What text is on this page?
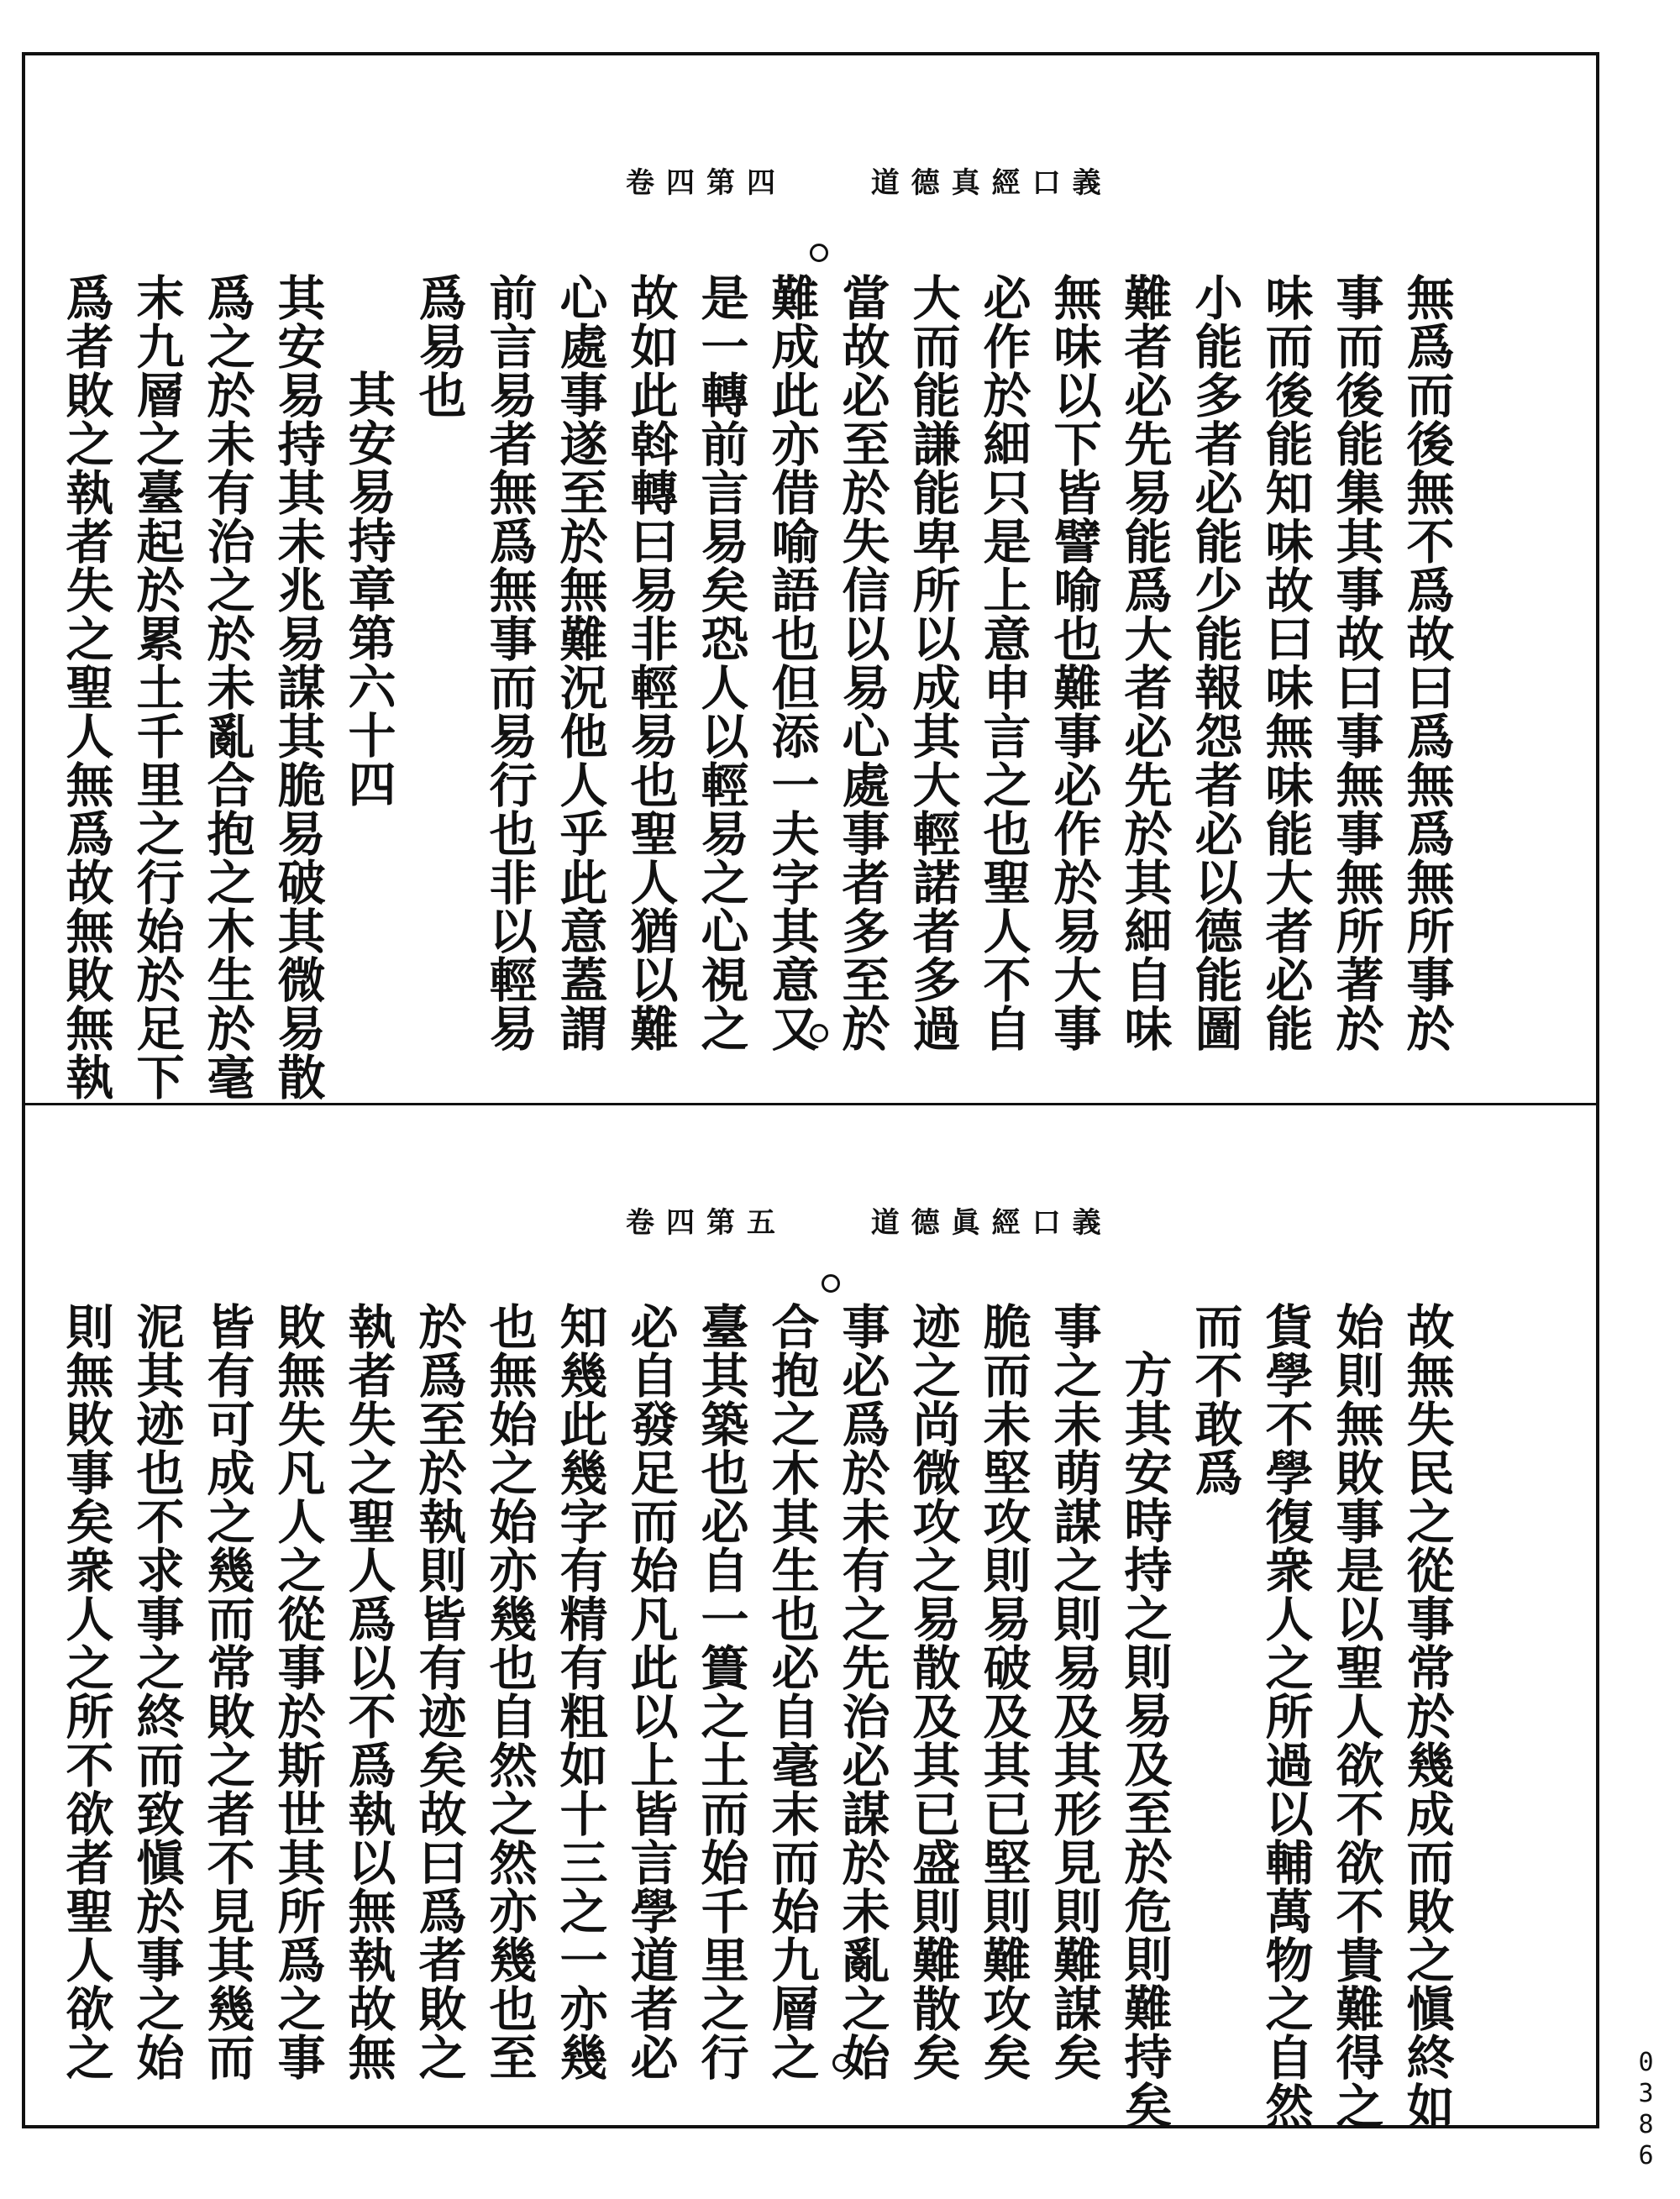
卷四第四	道德真經口義
無爲而後無不爲故曰爲無爲無所事於
事而後能集其事故曰事無事無所著於
味而後能知味故曰味無味能大者必能
小能多者必能少能報怨者必以德能圖
難者必先易能爲大者必先於其細自味
無味以下皆譬喻也難事必作於易大事
必作於細只是上意申言之也聖人不自
大而能謙能卑所以成其大輕諾者多過
當故必至於失信以易心處事者多至於
難成此亦借喻語也但添一夫字其意又
是一轉前言易矣恐人以輕易之心視之
故如此斡轉曰易非輕易也聖人猶以難
心處事遂至於無難況他人乎此意蓋謂
前言易者無爲無事而易行也非以輕易
爲易也
其安易持章第六十四
其安易持其未兆易謀其脆易破其微易散
爲之於未有治之於未亂合抱之木生於毫
末九層之臺起於累土千里之行始於足下
爲者敗之執者失之聖人無爲故無敗無執
卷四第五	道德眞經口義
故無失民之從事常於幾成而敗之愼終如
始則無敗事是以聖人欲不欲不貴難得之
貨學不學復衆人之所過以輔萬物之自然
而不敢爲
方其安時持之則易及至於危則難持矣
事之未萌謀之則易及其形見則難謀矣
脆而未堅攻則易破及其已堅則難攻矣
迹之尚微攻之易散及其已盛則難散矣
事必爲於未有之先治必謀於未亂之始
合抱之木其生也必自毫末而始九層之
臺其築也必自一簣之土而始千里之行
必自發足而始凡此以上皆言學道者必
知幾此幾字有精有粗如十三之一亦幾
也無始之始亦幾也自然之然亦幾也至
於爲至於執則皆有迹矣故曰爲者敗之
執者失之聖人爲以不爲執以無執故無
敗無失凡人之從事於斯世其所爲之事
皆有可成之幾而常敗之者不見其幾而
泥其迹也不求事之終而致愼於事之始
則無敗事矣衆人之所不欲者聖人欲之
0386
